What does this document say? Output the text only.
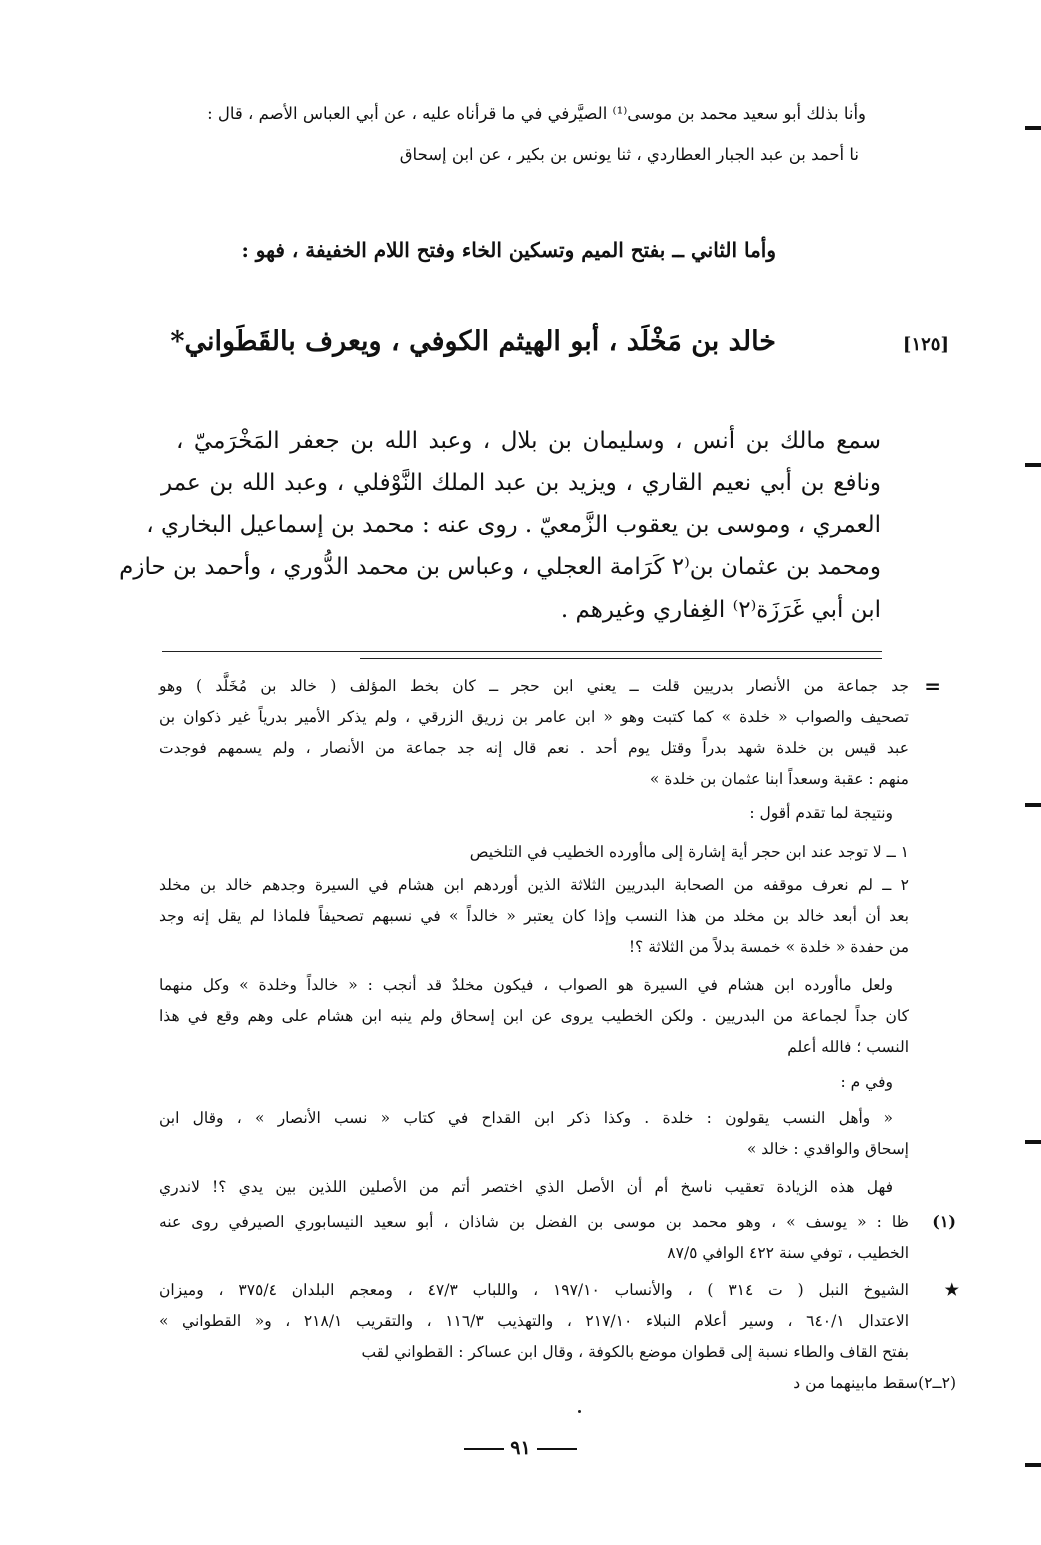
وأنا بذلك أبو سعيد محمد بن موسى⁽¹⁾ الصيَّرفي في ما قرأناه عليه ، عن أبي العباس الأصم ، قال :
نا أحمد بن عبد الجبار العطاردي ، ثنا يونس بن بكير ، عن ابن إسحاق
وأما الثاني ــ بفتح الميم وتسكين الخاء وفتح اللام الخفيفة ، فهو :
[١٢٥]
خالد بن مَخْلَد ، أبو الهيثم الكوفي ، ويعرف بالقَطَواني*
سمع مالك بن أنس ، وسليمان بن بلال ، وعبد الله بن جعفر المَخْرَميّ ،
ونافع بن أبي نعيم القاري ، ويزيد بن عبد الملك النَّوْفلي ، وعبد الله بن عمر
العمري ، وموسى بن يعقوب الزَّمعيّ . روى عنه : محمد بن إسماعيل البخاري ،
ومحمد بن عثمان بن⁽٢ كَرَامة العجلي ، وعباس بن محمد الدُّوري ، وأحمد بن حازم
ابن أبي غَرَزَة⁽٢⁾ الغِفاري وغيرهم .
=
جد جماعة من الأنصار بدريين قلت ــ يعني ابن حجر ــ كان بخط المؤلف ( خالد بن مُخَلَّد ) وهو
تصحيف والصواب « خلدة » كما كتبت وهو « ابن عامر بن زريق الزرقي ، ولم يذكر الأمير بدرياً غير ذكوان بن
عبد قيس بن خلدة شهد بدراً وقتل يوم أحد . نعم قال إنه جد جماعة من الأنصار ، ولم يسمهم فوجدت
منهم : عقبة وسعداً ابنا عثمان بن خلدة »
ونتيجة لما تقدم أقول :
١ ــ لا توجد عند ابن حجر أية إشارة إلى ماأورده الخطيب في التلخيص
٢ ــ لم نعرف موقفه من الصحابة البدريين الثلاثة الذين أوردهم ابن هشام في السيرة وجدهم خالد بن مخلد
بعد أن أبعد خالد بن مخلد من هذا النسب وإذا كان يعتبر « خالداً » في نسبهم تصحيفاً فلماذا لم يقل إنه وجد
من حفدة « خلدة » خمسة بدلاً من الثلاثة ؟!
ولعل ماأورده ابن هشام في السيرة هو الصواب ، فيكون مخلدٌ قد أنجب : « خالداً وخلدة » وكل منهما
كان جداً لجماعة من البدريين . ولكن الخطيب يروى عن ابن إسحاق ولم ينبه ابن هشام على وهم وقع في هذا
النسب ؛ فالله أعلم
وفي م :
« وأهل النسب يقولون : خلدة . وكذا ذكر ابن القداح في كتاب « نسب الأنصار » ، وقال ابن
إسحاق والواقدي : خالد »
فهل هذه الزيادة تعقيب ناسخ أم أن الأصل الذي اختصر أتم من الأصلين اللذين بين يدي ؟! لاندري
(١)
ظا : « يوسف » ، وهو محمد بن موسى بن الفضل بن شاذان ، أبو سعيد النيسابوري الصيرفي روى عنه
الخطيب ، توفي سنة ٤٢٢ الوافي ٨٧/٥
★
الشيوخ النبل ( ت ٣١٤ ) ، والأنساب ١٩٧/١٠ ، واللباب ٤٧/٣ ، ومعجم البلدان ٣٧٥/٤ ، وميزان
الاعتدال ٦٤٠/١ ، وسير أعلام النبلاء ٢١٧/١٠ ، والتهذيب ١١٦/٣ ، والتقريب ٢١٨/١ ، و« القطواني »
بفتح القاف والطاء نسبة إلى قطوان موضع بالكوفة ، وقال ابن عساكر : القطواني لقب
(٢ــ٢)سقط مابينهما من د
٩١
